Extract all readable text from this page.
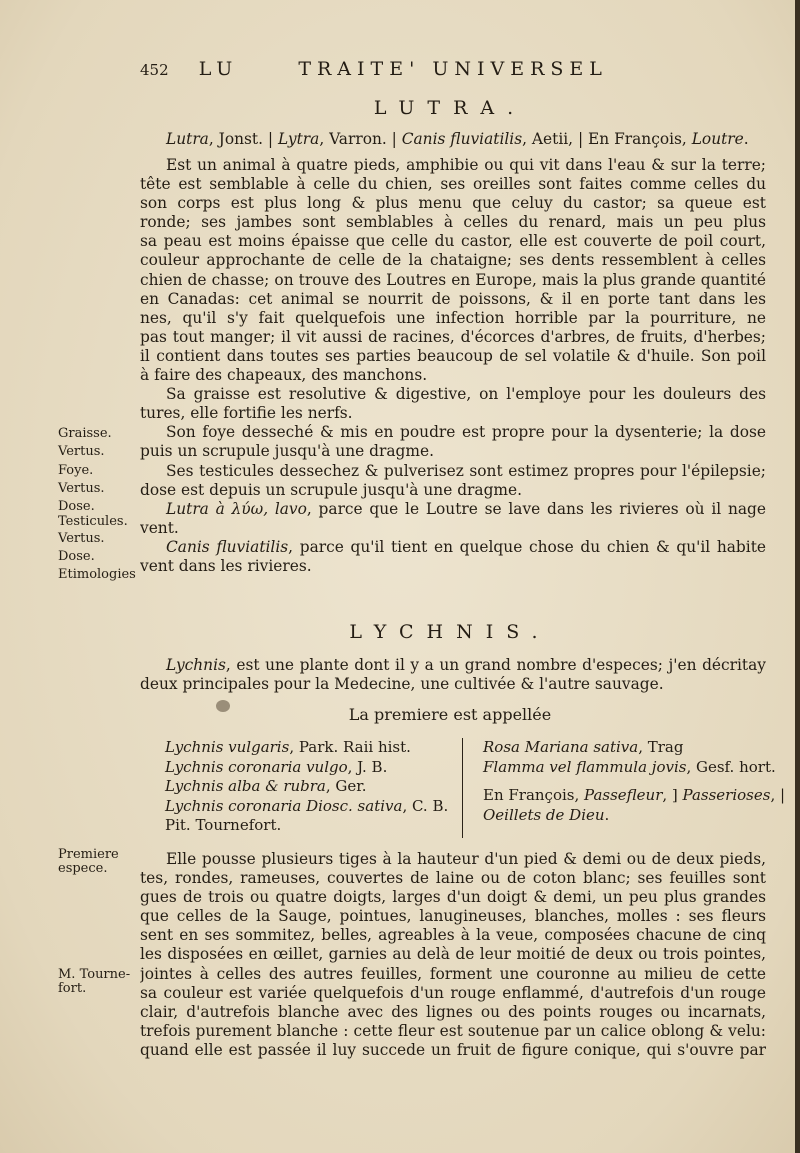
452 LU	TRAITE' UNIVERSEL
LUTRA.

Lutra, Jonst. | Lytra, Varron. | Canis fluviatilis, Aetii, | En François, Loutre.

Est un animal à quatre pieds, amphibie ou qui vit dans l'eau & sur la terre;
tête est semblable à celle du chien, ses oreilles sont faites comme celles du
son corps est plus long & plus menu que celuy du castor; sa queue est
ronde; ses jambes sont semblables à celles du renard, mais un peu plus
sa peau est moins épaisse que celle du castor, elle est couverte de poil court,
couleur approchante de celle de la chataigne; ses dents ressemblent à celles
chien de chasse; on trouve des Loutres en Europe, mais la plus grande quantité
en Canadas: cet animal se nourrit de poissons, & il en porte tant dans les
nes, qu'il s'y fait quelquefois une infection horrible par la pourriture, ne
pas tout manger; il vit aussi de racines, d'écorces d'arbres, de fruits, d'herbes;
il contient dans toutes ses parties beaucoup de sel volatile & d'huile. Son poil
à faire des chapeaux, des manchons.
Sa graisse est resolutive & digestive, on l'employe pour les douleurs des
tures, elle fortifie les nerfs.
Son foye desseché & mis en poudre est propre pour la dysenterie; la dose
puis un scrupule jusqu'à une dragme.
Ses testicules dessechez & pulverisez sont estimez propres pour l'épilepsie;
dose est depuis un scrupule jusqu'à une dragme.
Lutra à λύω, lavo, parce que le Loutre se lave dans les rivieres où il nage
vent.
Canis fluviatilis, parce qu'il tient en quelque chose du chien & qu'il habite
vent dans les rivieres.
Graisse.
Vertus.
Foye.
Vertus.
Dose.
Testicules.
Vertus.
Dose.
Etimologies
LYCHNIS.
Lychnis, est une plante dont il y a un grand nombre d'especes; j'en décritay
deux principales pour la Medecine, une cultivée & l'autre sauvage.
La premiere est appellée
Lychnis vulgaris, Park. Raii hist.
Lychnis coronaria vulgo, J. B.
Lychnis alba & rubra, Ger.
Lychnis coronaria Diosc. sativa, C. B.
Pit. Tournefort.
Rosa Mariana sativa, Trag
Flamma vel flammula jovis, Gesf. hort.
En François, Passefleur, ] Passerioses, |
Oeillets de Dieu.
Premiere espece.
M. Tourne-fort.
Elle pousse plusieurs tiges à la hauteur d'un pied & demi ou de deux pieds,
tes, rondes, rameuses, couvertes de laine ou de coton blanc; ses feuilles sont
gues de trois ou quatre doigts, larges d'un doigt & demi, un peu plus grandes
que celles de la Sauge, pointues, lanugineuses, blanches, molles : ses fleurs
sent en ses sommitez, belles, agreables à la veue, composées chacune de cinq
les disposées en œillet, garnies au delà de leur moitié de deux ou trois pointes,
jointes à celles des autres feuilles, forment une couronne au milieu de cette
sa couleur est variée quelquefois d'un rouge enflammé, d'autrefois d'un rouge
clair, d'autrefois blanche avec des lignes ou des points rouges ou incarnats,
trefois purement blanche : cette fleur est soutenue par un calice oblong & velu:
quand elle est passée il luy succede un fruit de figure conique, qui s'ouvre par
